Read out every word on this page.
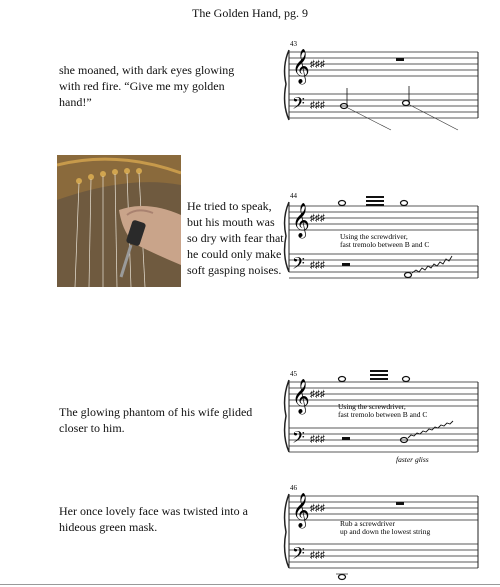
The Golden Hand, pg. 9
she moaned, with dark eyes glowing
with red fire. “Give me my golden
hand!”
43
𝄞
𝄢
♯♯♯
♯♯♯
He tried to speak,
but his mouth was
so dry with fear that
he could only make
soft gasping noises.
44
𝄞
𝄢
♯♯♯
♯♯♯
Using the screwdriver,
fast tremolo between B and C
The glowing phantom of his wife glided
closer to him.
45
𝄞
𝄢
♯♯♯
♯♯♯
Using the screwdriver,
fast tremolo between B and C
faster gliss
Her once lovely face was twisted into a
hideous green mask.
46
𝄞
𝄢
♯♯♯
♯♯♯
Rub a screwdriver
up and down the lowest string
